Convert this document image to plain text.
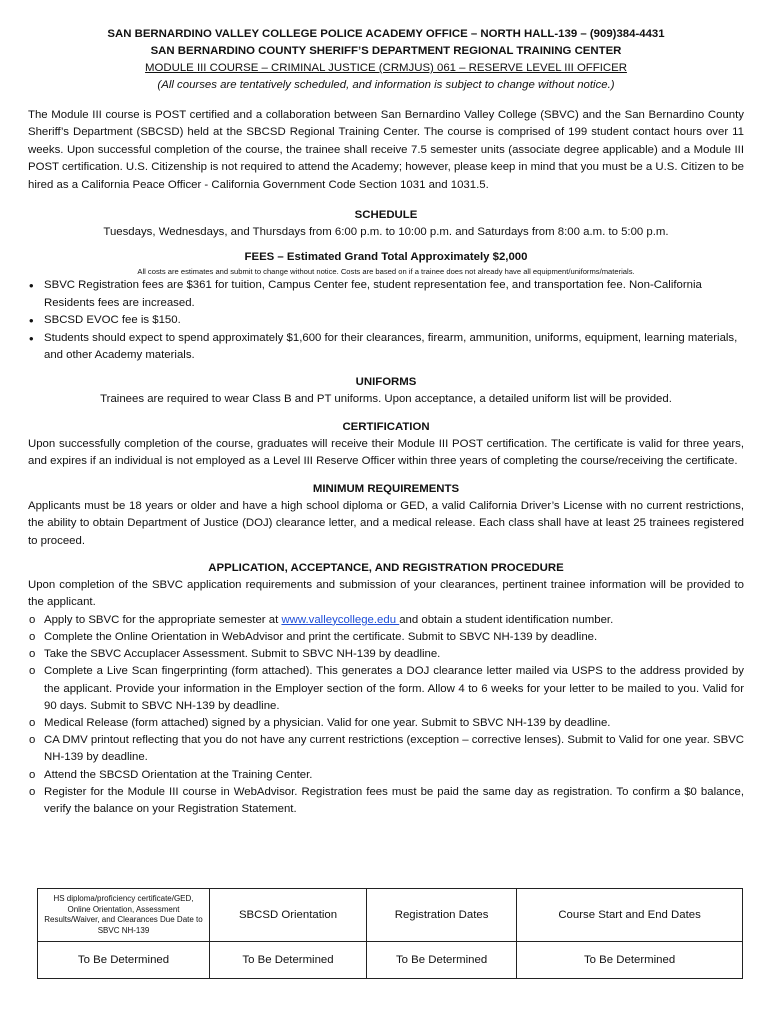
SAN BERNARDINO VALLEY COLLEGE POLICE ACADEMY OFFICE – NORTH HALL-139 – (909)384-4431
SAN BERNARDINO COUNTY SHERIFF’S DEPARTMENT REGIONAL TRAINING CENTER
MODULE III COURSE – CRIMINAL JUSTICE (CRMJUS) 061 – RESERVE LEVEL III OFFICER
(All courses are tentatively scheduled, and information is subject to change without notice.)

The Module III course is POST certified and a collaboration between San Bernardino Valley College (SBVC) and the San Bernardino County Sheriff’s Department (SBCSD) held at the SBCSD Regional Training Center. The course is comprised of 199 student contact hours over 11 weeks. Upon successful completion of the course, the trainee shall receive 7.5 semester units (associate degree applicable) and a Module III POST certification. U.S. Citizenship is not required to attend the Academy; however, please keep in mind that you must be a U.S. Citizen to be hired as a California Peace Officer - California Government Code Section 1031 and 1031.5.

SCHEDULE

Tuesdays, Wednesdays, and Thursdays from 6:00 p.m. to 10:00 p.m. and Saturdays from 8:00 a.m. to 5:00 p.m.

FEES – Estimated Grand Total Approximately $2,000
All costs are estimates and submit to change without notice. Costs are based on if a trainee does not already have all equipment/uniforms/materials.
• SBVC Registration fees are $361 for tuition, Campus Center fee, student representation fee, and transportation fee. Non-California Residents fees are increased.
• SBCSD EVOC fee is $150.
• Students should expect to spend approximately $1,600 for their clearances, firearm, ammunition, uniforms, equipment, learning materials, and other Academy materials.
UNIFORMS

Trainees are required to wear Class B and PT uniforms. Upon acceptance, a detailed uniform list will be provided.

CERTIFICATION

Upon successfully completion of the course, graduates will receive their Module III POST certification. The certificate is valid for three years, and expires if an individual is not employed as a Level III Reserve Officer within three years of completing the course/receiving the certificate.

MINIMUM REQUIREMENTS

Applicants must be 18 years or older and have a high school diploma or GED, a valid California Driver’s License with no current restrictions, the ability to obtain Department of Justice (DOJ) clearance letter, and a medical release. Each class shall have at least 25 trainees registered to proceed.

APPLICATION, ACCEPTANCE, AND REGISTRATION PROCEDURE

Upon completion of the SBVC application requirements and submission of your clearances, pertinent trainee information will be provided to the applicant.

o Apply to SBVC for the appropriate semester at www.valleycollege.edu and obtain a student identification number.
o Complete the Online Orientation in WebAdvisor and print the certificate. Submit to SBVC NH-139 by deadline.
o Take the SBVC Accuplacer Assessment. Submit to SBVC NH-139 by deadline.
o Complete a Live Scan fingerprinting (form attached). This generates a DOJ clearance letter mailed via USPS to the address provided by the applicant. Provide your information in the Employer section of the form. Allow 4 to 6 weeks for your letter to be mailed to you. Valid for 90 days. Submit to SBVC NH-139 by deadline.
o Medical Release (form attached) signed by a physician. Valid for one year. Submit to SBVC NH-139 by deadline.
o CA DMV printout reflecting that you do not have any current restrictions (exception – corrective lenses). Submit to Valid for one year. SBVC NH-139 by deadline.
o Attend the SBCSD Orientation at the Training Center.
o Register for the Module III course in WebAdvisor. Registration fees must be paid the same day as registration. To confirm a $0 balance, verify the balance on your Registration Statement.
HS diploma/proficiency certificate/GED, Online Orientation, Assessment Results/Waiver, and Clearances Due Date to SBVC NH-139	SBCSD Orientation	Registration Dates	Course Start and End Dates
To Be Determined	To Be Determined	To Be Determined	To Be Determined
